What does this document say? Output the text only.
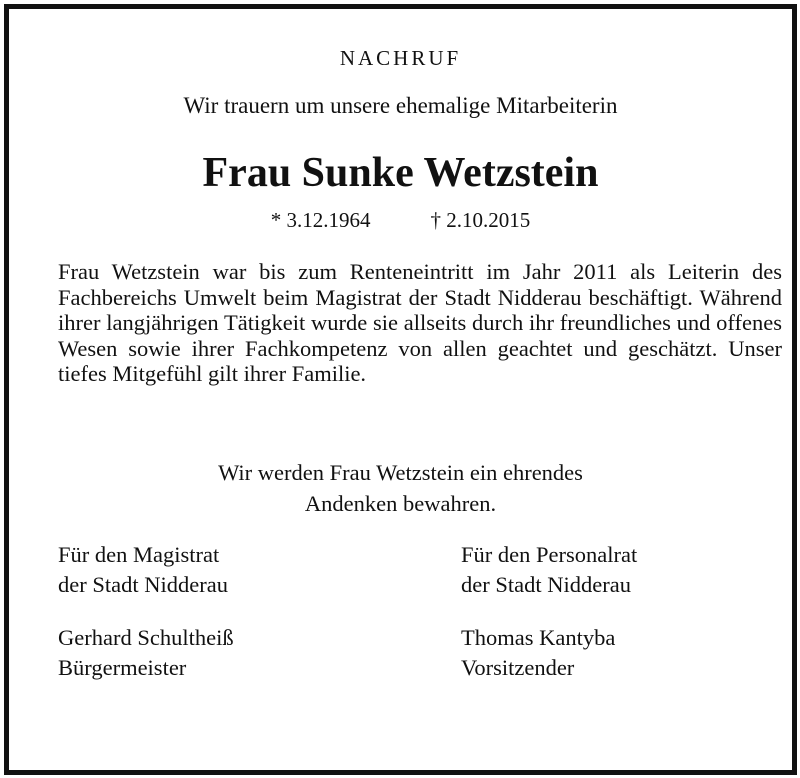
NACHRUF
Wir trauern um unsere ehemalige Mitarbeiterin
Frau Sunke Wetzstein
* 3.12.1964	† 2.10.2015
Frau Wetzstein war bis zum Renteneintritt im Jahr 2011 als Leiterin des Fachbereichs Umwelt beim Magistrat der Stadt Nidderau beschäftigt. Während ihrer langjährigen Tätigkeit wurde sie allseits durch ihr freundliches und offenes Wesen sowie ihrer Fachkompetenz von allen geachtet und geschätzt. Unser tiefes Mitgefühl gilt ihrer Familie.
Wir werden Frau Wetzstein ein ehrendes
Andenken bewahren.
Für den Magistrat
der Stadt Nidderau
Für den Personalrat
der Stadt Nidderau
Gerhard Schultheiß
Bürgermeister
Thomas Kantyba
Vorsitzender
